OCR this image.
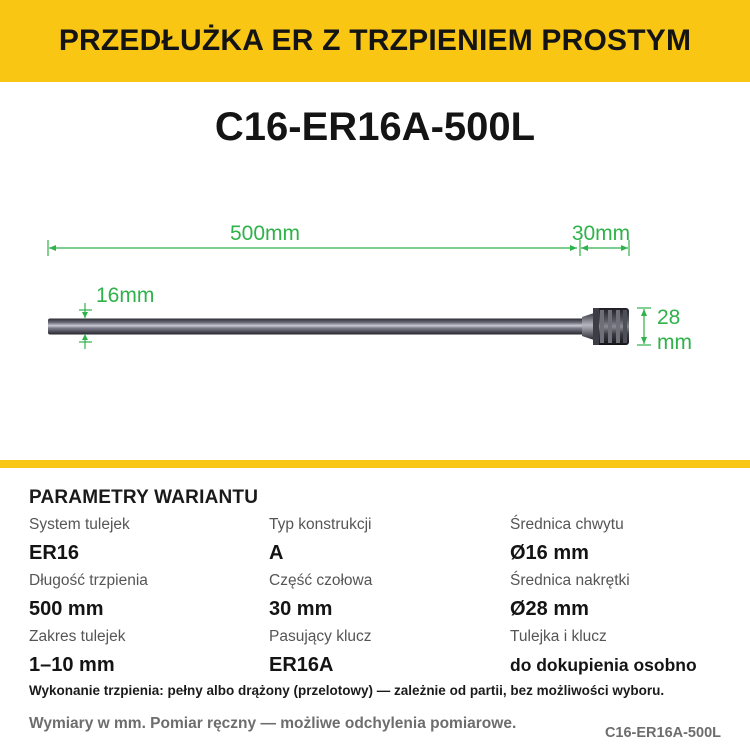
PRZEDŁUŻKA ER Z TRZPIENIEM PROSTYM
C16-ER16A-500L
500mm	30mm
16mm
28
mm
PARAMETRY WARIANTU
System tulejek
ER16
Typ konstrukcji
A
Średnica chwytu
Ø16 mm
Długość trzpienia
500 mm
Część czołowa
30 mm
Średnica nakrętki
Ø28 mm
Zakres tulejek
1–10 mm
Pasujący klucz
ER16A
Tulejka i klucz
do dokupienia osobno
Wykonanie trzpienia: pełny albo drążony (przelotowy) — zależnie od partii, bez możliwości wyboru.
Wymiary w mm. Pomiar ręczny — możliwe odchylenia pomiarowe.
C16-ER16A-500L
